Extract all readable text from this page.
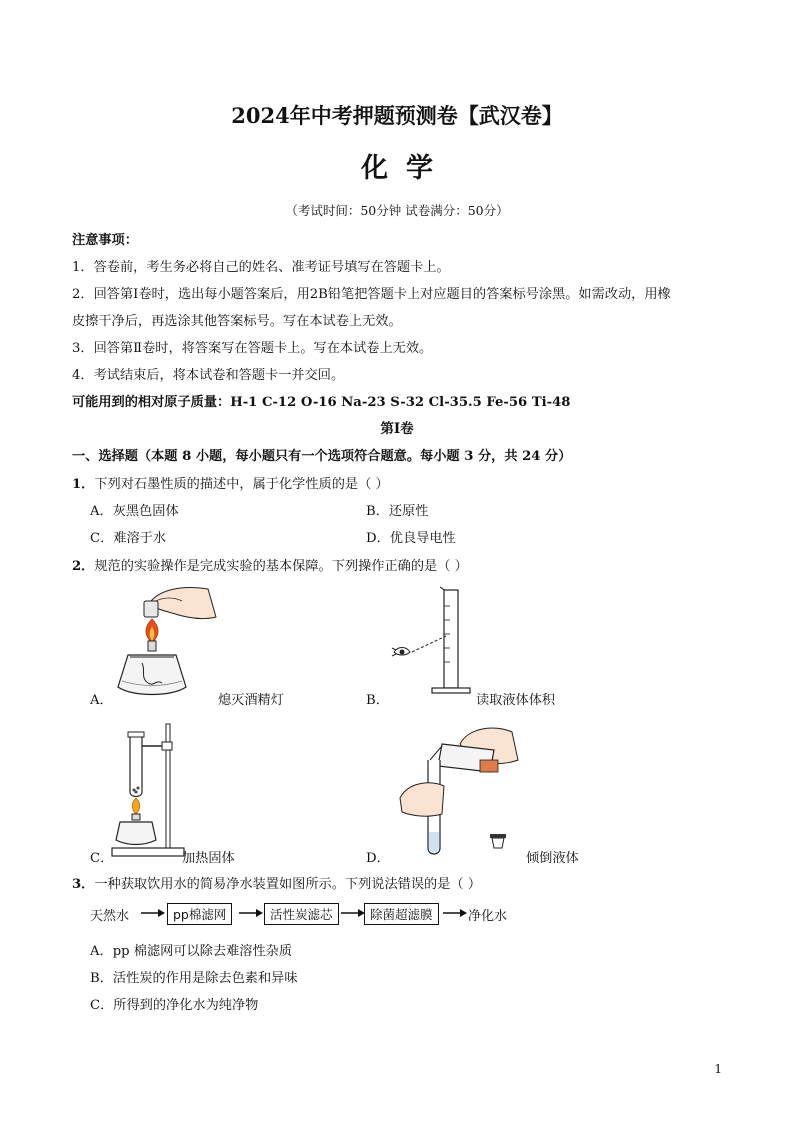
2024年中考押题预测卷【武汉卷】
化学
（考试时间：50分钟 试卷满分：50分）
注意事项：
1．答卷前，考生务必将自己的姓名、准考证号填写在答题卡上。
2．回答第Ⅰ卷时，选出每小题答案后，用2B铅笔把答题卡上对应题目的答案标号涂黑。如需改动，用橡
皮擦干净后，再选涂其他答案标号。写在本试卷上无效。
3．回答第Ⅱ卷时，将答案写在答题卡上。写在本试卷上无效。
4．考试结束后，将本试卷和答题卡一并交回。
可能用到的相对原子质量：H-1 C-12 O-16 Na-23 S-32 Cl-35.5 Fe-56 Ti-48
第Ⅰ卷
一、选择题（本题 8 小题，每小题只有一个选项符合题意。每小题 3 分，共 24 分）
1．下列对石墨性质的描述中，属于化学性质的是（ ）
A．灰黑色固体	B．还原性
C．难溶于水	D．优良导电性
2．规范的实验操作是完成实验的基本保障。下列操作正确的是（ ）
A．	熄灭酒精灯	B．	读取液体体积
C．	加热固体	D．	倾倒液体
3．一种获取饮用水的简易净水装置如图所示。下列说法错误的是（ ）
天然水	pp棉滤网	活性炭滤芯	除菌超滤膜	净化水
A．pp 棉滤网可以除去难溶性杂质
B．活性炭的作用是除去色素和异味
C．所得到的净化水为纯净物
1
